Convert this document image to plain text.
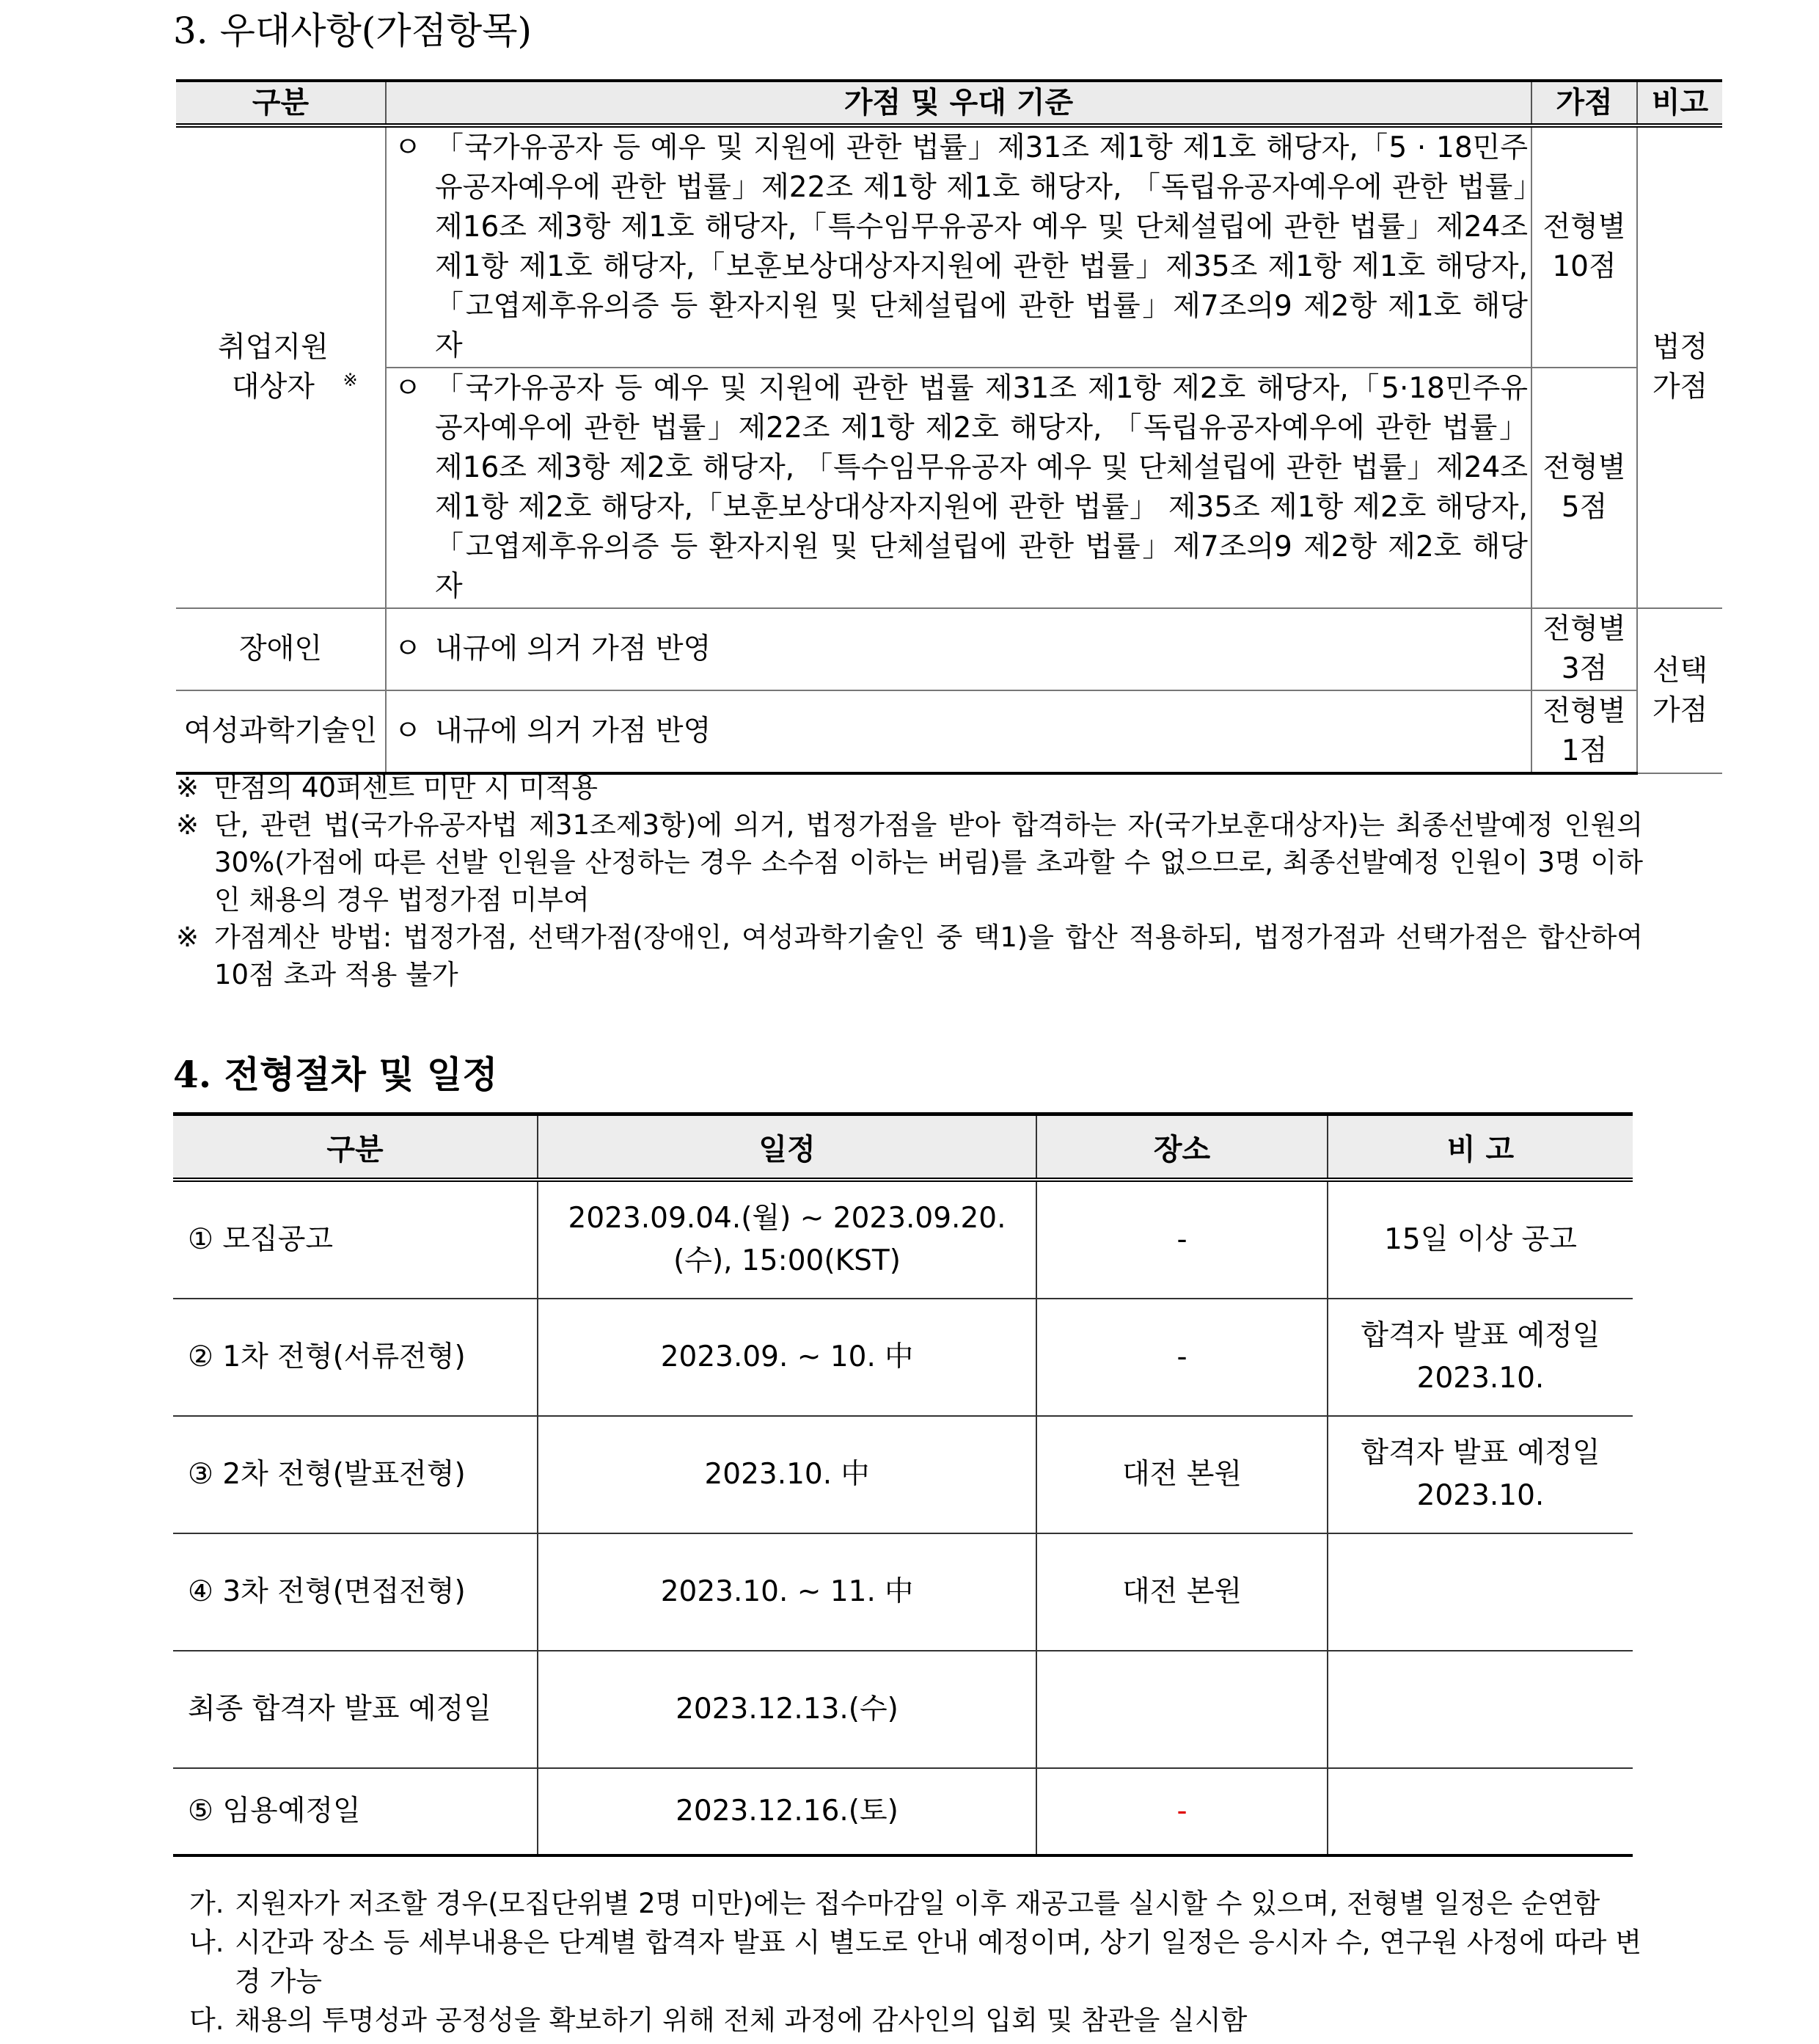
3. 우대사항(가점항목)
구분	가점 및 우대 기준	가점	비고
취업지원 대상자 ※	ㅇ 「국가유공자 등 예우 및 지원에 관한 법률」제31조 제1항 제1호 해당자,「5 · 18민주유공자예우에 관한 법률」제22조 제1항 제1호 해당자, 「독립유공자예우에 관한 법률」제16조 제3항 제1호 해당자,「특수임무유공자 예우 및 단체설립에 관한 법률」제24조 제1항 제1호 해당자,「보훈보상대상자지원에 관한 법률」제35조 제1항 제1호 해당자,「고엽제후유의증 등 환자지원 및 단체설립에 관한 법률」제7조의9 제2항 제1호 해당자	전형별 10점	법정 가점

	ㅇ 「국가유공자 등 예우 및 지원에 관한 법률 제31조 제1항 제2호 해당자,「5·18민주유공자예우에 관한 법률」제22조 제1항 제2호 해당자, 「독립유공자예우에 관한 법률」제16조 제3항 제2호 해당자, 「특수임무유공자 예우 및 단체설립에 관한 법률」제24조 제1항 제2호 해당자,「보훈보상대상자지원에 관한 법률」 제35조 제1항 제2호 해당자, 「고엽제후유의증 등 환자지원 및 단체설립에 관한 법률」제7조의9 제2항 제2호 해당자	전형별 5점	
장애인	ㅇ 내규에 의거 가점 반영	전형별 3점	선택 가점
여성과학기술인	ㅇ 내규에 의거 가점 반영	전형별 1점	
※ 만점의 40퍼센트 미만 시 미적용
※ 단, 관련 법(국가유공자법 제31조제3항)에 의거, 법정가점을 받아 합격하는 자(국가보훈대상자)는 최종선발예정 인원의 30%(가점에 따른 선발 인원을 산정하는 경우 소수점 이하는 버림)를 초과할 수 없으므로, 최종선발예정 인원이 3명 이하인 채용의 경우 법정가점 미부여
※ 가점계산 방법: 법정가점, 선택가점(장애인, 여성과학기술인 중 택1)을 합산 적용하되, 법정가점과 선택가점은 합산하여 10점 초과 적용 불가
4. 전형절차 및 일정
구분	일정	장소	비 고
① 모집공고	2023.09.04.(월) ~ 2023.09.20.(수), 15:00(KST)	-	15일 이상 공고
② 1차 전형(서류전형)	2023.09. ~ 10. 中	-	합격자 발표 예정일 2023.10.
③ 2차 전형(발표전형)	2023.10. 中	대전 본원	합격자 발표 예정일 2023.10.
④ 3차 전형(면접전형)	2023.10. ~ 11. 中	대전 본원	
최종 합격자 발표 예정일	2023.12.13.(수)		
⑤ 임용예정일	2023.12.16.(토)	-	
가. 지원자가 저조할 경우(모집단위별 2명 미만)에는 접수마감일 이후 재공고를 실시할 수 있으며, 전형별 일정은 순연함
나. 시간과 장소 등 세부내용은 단계별 합격자 발표 시 별도로 안내 예정이며, 상기 일정은 응시자 수, 연구원 사정에 따라 변경 가능
다. 채용의 투명성과 공정성을 확보하기 위해 전체 과정에 감사인의 입회 및 참관을 실시함
